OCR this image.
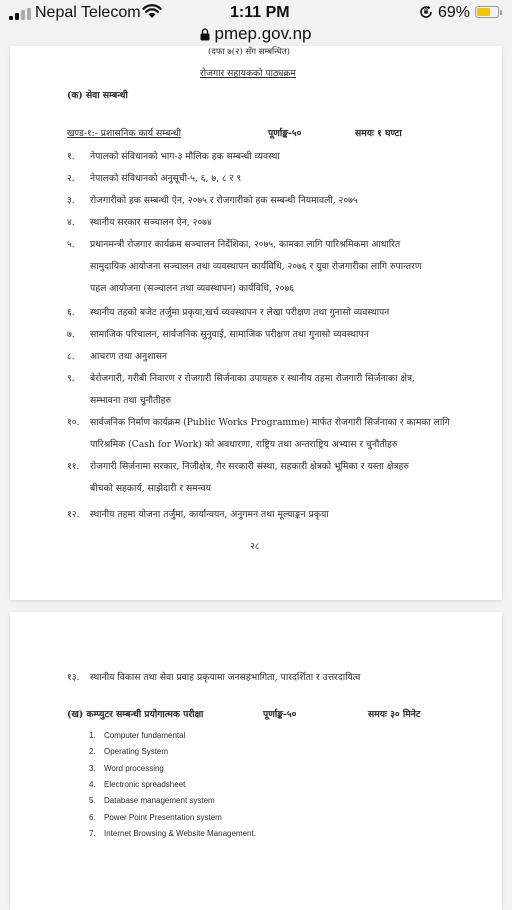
Nepal Telecom	1:11 PM	69%
pmep.gov.np
(दफा ७(२) सँग सम्बन्धित)
रोजगार सहायकको पाठ्यक्रम
(क) सेवा सम्बन्धी
खण्ड-१:- प्रशासनिक कार्य सम्बन्धी	पूर्णाङ्क-५०	समयः १ घण्टा
१. नेपालको संविधानको भाग-३ मौलिक हक सम्बन्धी व्यवस्था
२. नेपालको संविधानको अनुसूची-५, ६, ७, ८ र ९
३. रोजगारीको हक सम्बन्धी ऐन, २०७५ र रोजगारीको हक सम्बन्धी नियमावली, २०७५
४. स्थानीय सरकार सञ्चालन ऐन, २०७४
५. प्रधानमन्त्री रोजगार कार्यक्रम सञ्चालन निर्देशिका, २०७५, कामका लागि पारिश्रमिकमा आधारित
सामुदायिक आयोजना सञ्चालन तथा व्यवस्थापन कार्यविधि, २०७६ र युवा रोजगारीका लागि रुपान्तरण
पहल आयोजना (सञ्चालन तथा व्यवस्थापन) कार्यविधि, २०७६
६. स्थानीय तहको बजेट तर्जुमा प्रकृया,खर्च व्यवस्थापन र लेखा परीक्षण तथा गुनासो व्यवस्थापन
७. सामाजिक परिचालन, सार्वजनिक सुनुवाई, सामाजिक परीक्षण तथा गुनासो व्यवस्थापन
८. आचरण तथा अनुशासन
९. बेरोजगारी, गरीबी निवारण र रोजगारी सिर्जनाका उपायहरु र स्थानीय तहमा रोजगारी सिर्जनाका क्षेत्र,
सम्भावना तथा चुनौतीहरु
१०. सार्वजनिक निर्माण कार्यक्रम (Public Works Programme) मार्फत रोजगारी सिर्जनाका र कामका लागि
पारिश्रमिक (Cash for Work) को अवधारणा, राष्ट्रिय तथा अन्तराष्ट्रिय अभ्यास र चुनौतीहरु
११. रोजगारी सिर्जनामा सरकार, निजीक्षेत्र, गैर सरकारी संस्था, सहकारी क्षेत्रको भूमिका र यस्ता क्षेत्रहरु
बीचको सहकार्य, साझेदारी र समन्वय
१२. स्थानीय तहमा योजना तर्जुमा, कार्यान्वयन, अनुगमन तथा मूल्याङ्कन प्रकृया
२८
१३. स्थानीय विकास तथा सेवा प्रवाह प्रकृयामा जनसहभागिता, पारदर्शिता र उत्तरदायित्व
(ख) कम्प्युटर सम्बन्धी प्रयोगात्मक परीक्षा	पूर्णाङ्क-५०	समयः ३० मिनेट
1. Computer fundamental
2. Operating System
3. Word processing
4. Electronic spreadsheet
5. Database management system
6. Power Point Presentation system
7. Internet Browsing & Website Management.
